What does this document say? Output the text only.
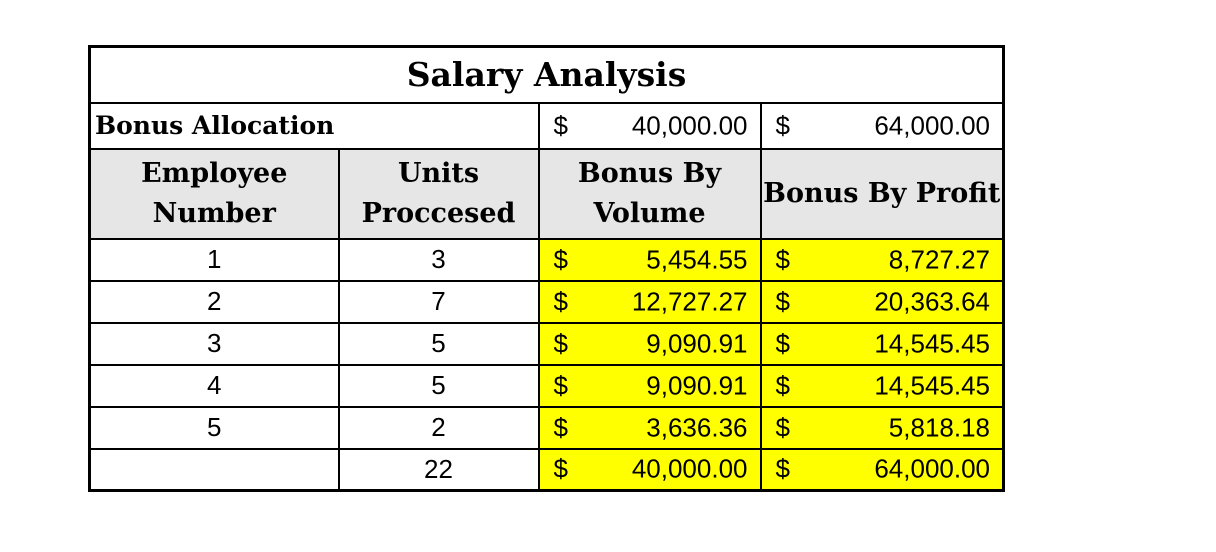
Salary Analysis			
Bonus Allocation		$ 40,000.00	$ 64,000.00

Employee Number	Units Proccesed	Bonus By Volume	Bonus By Profit
1	3	$ 5,454.55	$ 8,727.27

2	7	$ 12,727.27	$ 20,363.64

3	5	$ 9,090.91	$ 14,545.45

4	5	$ 9,090.91	$ 14,545.45

5	2	$ 3,636.36	$ 5,818.18

	22	$ 40,000.00	$ 64,000.00
